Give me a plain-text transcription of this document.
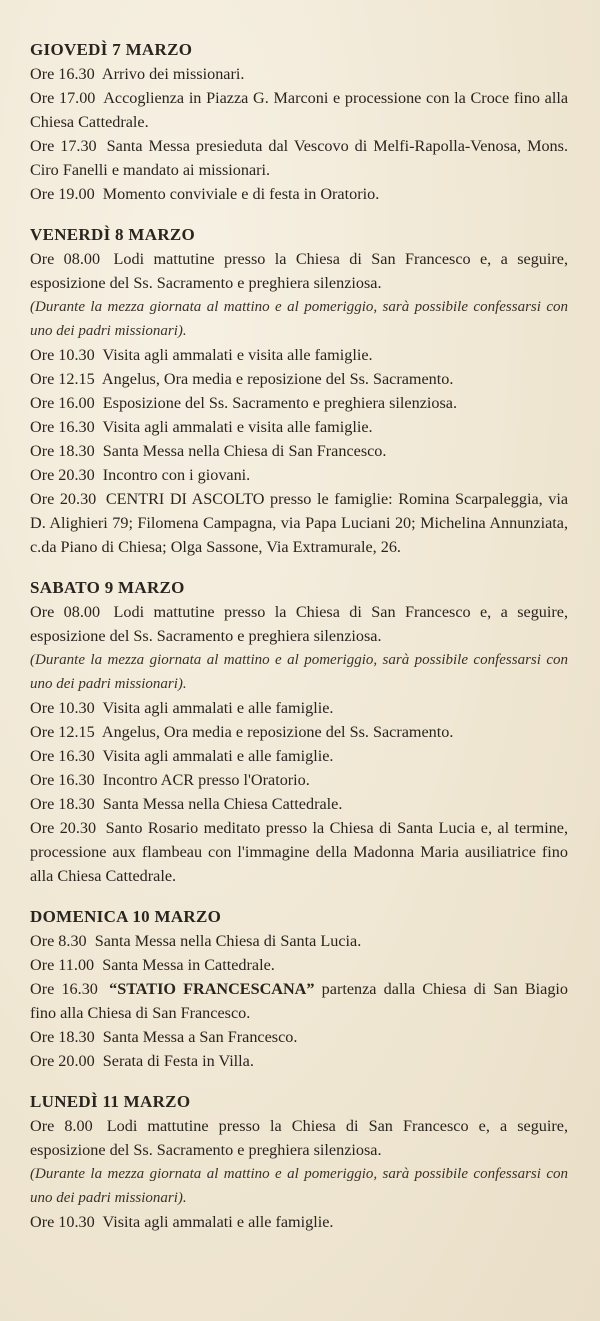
GIOVEDÌ 7 MARZO

Ore 16.30 Arrivo dei missionari.

Ore 17.00 Accoglienza in Piazza G. Marconi e processione con la Croce fino alla Chiesa Cattedrale.

Ore 17.30 Santa Messa presieduta dal Vescovo di Melfi-Rapolla-Venosa, Mons. Ciro Fanelli e mandato ai missionari.

Ore 19.00 Momento conviviale e di festa in Oratorio.

VENERDÌ 8 MARZO

Ore 08.00 Lodi mattutine presso la Chiesa di San Francesco e, a seguire, esposizione del Ss. Sacramento e preghiera silenziosa.

(Durante la mezza giornata al mattino e al pomeriggio, sarà possibile confessarsi con uno dei padri missionari).

Ore 10.30 Visita agli ammalati e visita alle famiglie.

Ore 12.15 Angelus, Ora media e reposizione del Ss. Sacramento.

Ore 16.00 Esposizione del Ss. Sacramento e preghiera silenziosa.

Ore 16.30 Visita agli ammalati e visita alle famiglie.

Ore 18.30 Santa Messa nella Chiesa di San Francesco.

Ore 20.30 Incontro con i giovani.

Ore 20.30 CENTRI DI ASCOLTO presso le famiglie: Romina Scarpaleggia, via D. Alighieri 79; Filomena Campagna, via Papa Luciani 20; Michelina Annunziata, c.da Piano di Chiesa; Olga Sassone, Via Extramurale, 26.

SABATO 9 MARZO

Ore 08.00 Lodi mattutine presso la Chiesa di San Francesco e, a seguire, esposizione del Ss. Sacramento e preghiera silenziosa.

(Durante la mezza giornata al mattino e al pomeriggio, sarà possibile confessarsi con uno dei padri missionari).

Ore 10.30 Visita agli ammalati e alle famiglie.

Ore 12.15 Angelus, Ora media e reposizione del Ss. Sacramento.

Ore 16.30 Visita agli ammalati e alle famiglie.

Ore 16.30 Incontro ACR presso l'Oratorio.

Ore 18.30 Santa Messa nella Chiesa Cattedrale.

Ore 20.30 Santo Rosario meditato presso la Chiesa di Santa Lucia e, al termine, processione aux flambeau con l'immagine della Madonna Maria ausiliatrice fino alla Chiesa Cattedrale.

DOMENICA 10 MARZO

Ore 8.30 Santa Messa nella Chiesa di Santa Lucia.

Ore 11.00 Santa Messa in Cattedrale.

Ore 16.30 “STATIO FRANCESCANA” partenza dalla Chiesa di San Biagio fino alla Chiesa di San Francesco.

Ore 18.30 Santa Messa a San Francesco.

Ore 20.00 Serata di Festa in Villa.

LUNEDÌ 11 MARZO

Ore 8.00 Lodi mattutine presso la Chiesa di San Francesco e, a seguire, esposizione del Ss. Sacramento e preghiera silenziosa.

(Durante la mezza giornata al mattino e al pomeriggio, sarà possibile confessarsi con uno dei padri missionari).

Ore 10.30 Visita agli ammalati e alle famiglie.
